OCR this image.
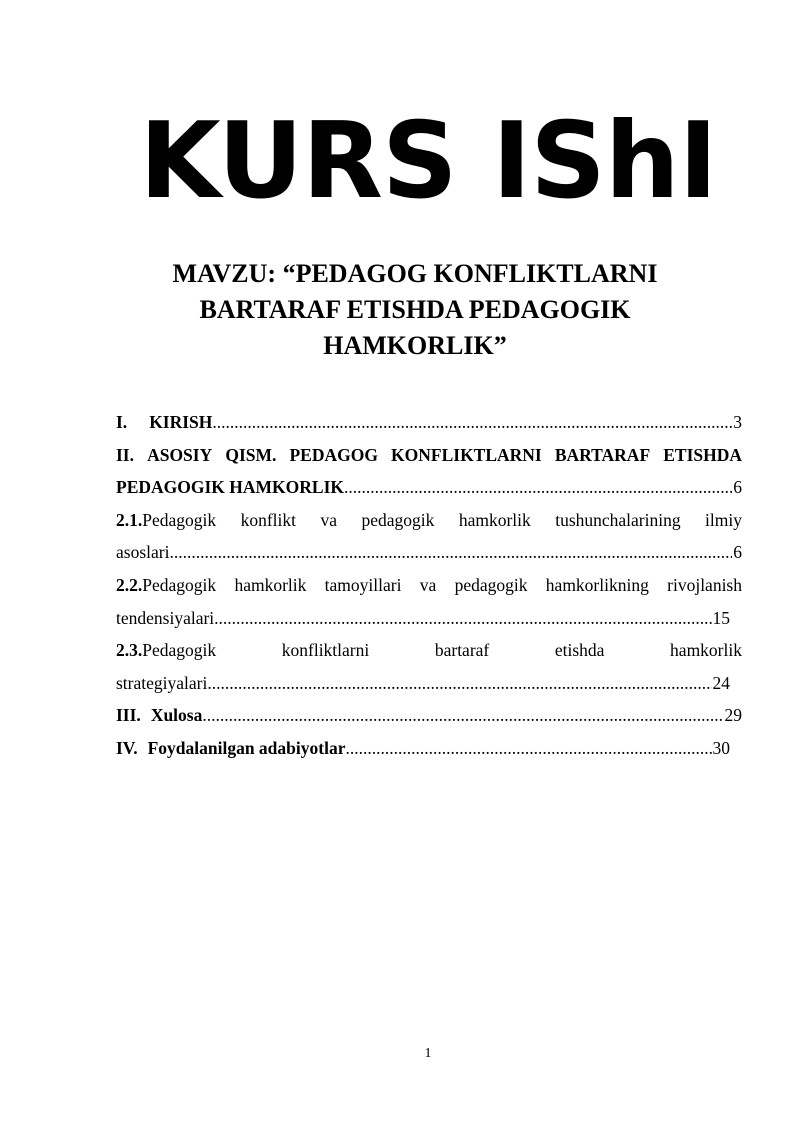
KURS IShI
MAVZU: “PEDAGOG KONFLIKTLARNI
BARTARAF ETISHDA PEDAGOGIK
HAMKORLIK”
I. KIRISH .....	3
II. ASOSIY QISM. PEDAGOG KONFLIKTLARNI BARTARAF ETISHDA
PEDAGOGIK HAMKORLIK .....	6
2.1.Pedagogik konflikt va pedagogik hamkorlik tushunchalarining ilmiy
asoslari .....	6
2.2.Pedagogik hamkorlik tamoyillari va pedagogik hamkorlikning rivojlanish
tendensiyalari .....	15
2.3.Pedagogik	konfliktlarni	bartaraf	etishda	hamkorlik
strategiyalari .....	24
III. Xulosa .....	29
IV. Foydalanilgan adabiyotlar .....	30
1
